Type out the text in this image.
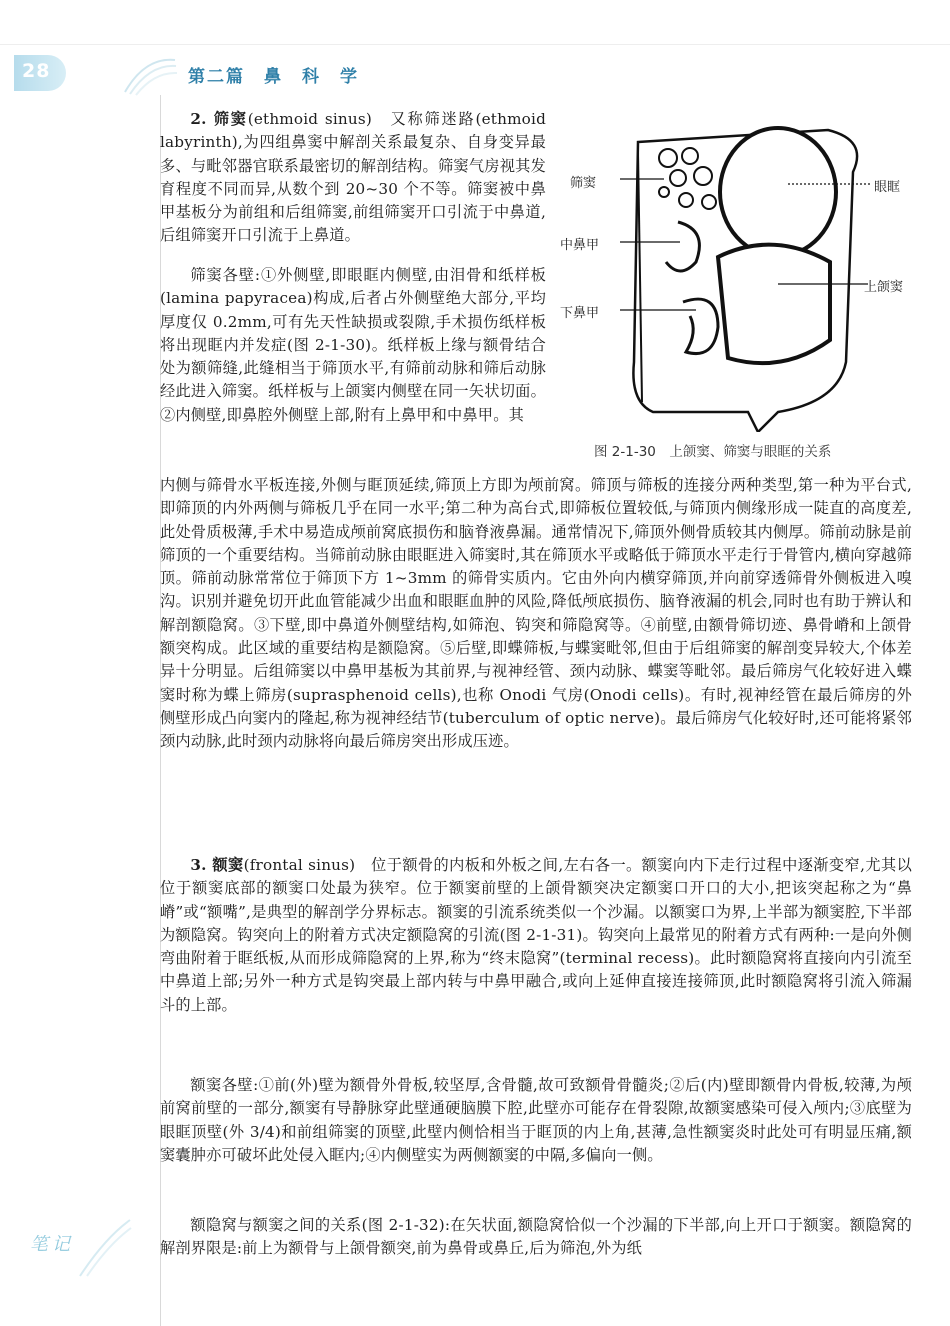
28	第二篇　鼻　科　学

2. 筛窦(ethmoid sinus)　又称筛迷路(ethmoid labyrinth),为四组鼻窦中解剖关系最复杂、自身变异最多、与毗邻器官联系最密切的解剖结构。筛窦气房视其发育程度不同而异,从数个到 20~30 个不等。筛窦被中鼻甲基板分为前组和后组筛窦,前组筛窦开口引流于中鼻道,后组筛窦开口引流于上鼻道。

筛窦各壁:①外侧壁,即眼眶内侧壁,由泪骨和纸样板(lamina papyracea)构成,后者占外侧壁绝大部分,平均厚度仅 0.2mm,可有先天性缺损或裂隙,手术损伤纸样板将出现眶内并发症(图 2-1-30)。纸样板上缘与额骨结合处为额筛缝,此缝相当于筛顶水平,有筛前动脉和筛后动脉经此进入筛窦。纸样板与上颌窦内侧壁在同一矢状切面。②内侧壁,即鼻腔外侧壁上部,附有上鼻甲和中鼻甲。其

内侧与筛骨水平板连接,外侧与眶顶延续,筛顶上方即为颅前窝。筛顶与筛板的连接分两种类型,第一种为平台式,即筛顶的内外两侧与筛板几乎在同一水平;第二种为高台式,即筛板位置较低,与筛顶内侧缘形成一陡直的高度差,此处骨质极薄,手术中易造成颅前窝底损伤和脑脊液鼻漏。通常情况下,筛顶外侧骨质较其内侧厚。筛前动脉是前筛顶的一个重要结构。当筛前动脉由眼眶进入筛窦时,其在筛顶水平或略低于筛顶水平走行于骨管内,横向穿越筛顶。筛前动脉常常位于筛顶下方 1~3mm 的筛骨实质内。它由外向内横穿筛顶,并向前穿透筛骨外侧板进入嗅沟。识别并避免切开此血管能减少出血和眼眶血肿的风险,降低颅底损伤、脑脊液漏的机会,同时也有助于辨认和解剖额隐窝。③下壁,即中鼻道外侧壁结构,如筛泡、钩突和筛隐窝等。④前壁,由额骨筛切迹、鼻骨嵴和上颌骨额突构成。此区域的重要结构是额隐窝。⑤后壁,即蝶筛板,与蝶窦毗邻,但由于后组筛窦的解剖变异较大,个体差异十分明显。后组筛窦以中鼻甲基板为其前界,与视神经管、颈内动脉、蝶窦等毗邻。最后筛房气化较好进入蝶窦时称为蝶上筛房(suprasphenoid cells),也称 Onodi 气房(Onodi cells)。有时,视神经管在最后筛房的外侧壁形成凸向窦内的隆起,称为视神经结节(tuberculum of optic nerve)。最后筛房气化较好时,还可能将紧邻颈内动脉,此时颈内动脉将向最后筛房突出形成压迹。

3. 额窦(frontal sinus)　位于额骨的内板和外板之间,左右各一。额窦向内下走行过程中逐渐变窄,尤其以位于额窦底部的额窦口处最为狭窄。位于额窦前壁的上颌骨额突决定额窦口开口的大小,把该突起称之为“鼻嵴”或“额嘴”,是典型的解剖学分界标志。额窦的引流系统类似一个沙漏。以额窦口为界,上半部为额窦腔,下半部为额隐窝。钩突向上的附着方式决定额隐窝的引流(图 2-1-31)。钩突向上最常见的附着方式有两种:一是向外侧弯曲附着于眶纸板,从而形成筛隐窝的上界,称为“终末隐窝”(terminal recess)。此时额隐窝将直接向内引流至中鼻道上部;另外一种方式是钩突最上部内转与中鼻甲融合,或向上延伸直接连接筛顶,此时额隐窝将引流入筛漏斗的上部。

额窦各壁:①前(外)壁为额骨外骨板,较坚厚,含骨髓,故可致额骨骨髓炎;②后(内)壁即额骨内骨板,较薄,为颅前窝前壁的一部分,额窦有导静脉穿此壁通硬脑膜下腔,此壁亦可能存在骨裂隙,故额窦感染可侵入颅内;③底壁为眼眶顶壁(外 3/4)和前组筛窦的顶壁,此壁内侧恰相当于眶顶的内上角,甚薄,急性额窦炎时此处可有明显压痛,额窦囊肿亦可破坏此处侵入眶内;④内侧壁实为两侧额窦的中隔,多偏向一侧。

额隐窝与额窦之间的关系(图 2-1-32):在矢状面,额隐窝恰似一个沙漏的下半部,向上开口于额窦。额隐窝的解剖界限是:前上为额骨与上颌骨额突,前为鼻骨或鼻丘,后为筛泡,外为纸

筛窦
中鼻甲
下鼻甲
眼眶
上颌窦
图 2-1-30　上颌窦、筛窦与眼眶的关系
笔记
